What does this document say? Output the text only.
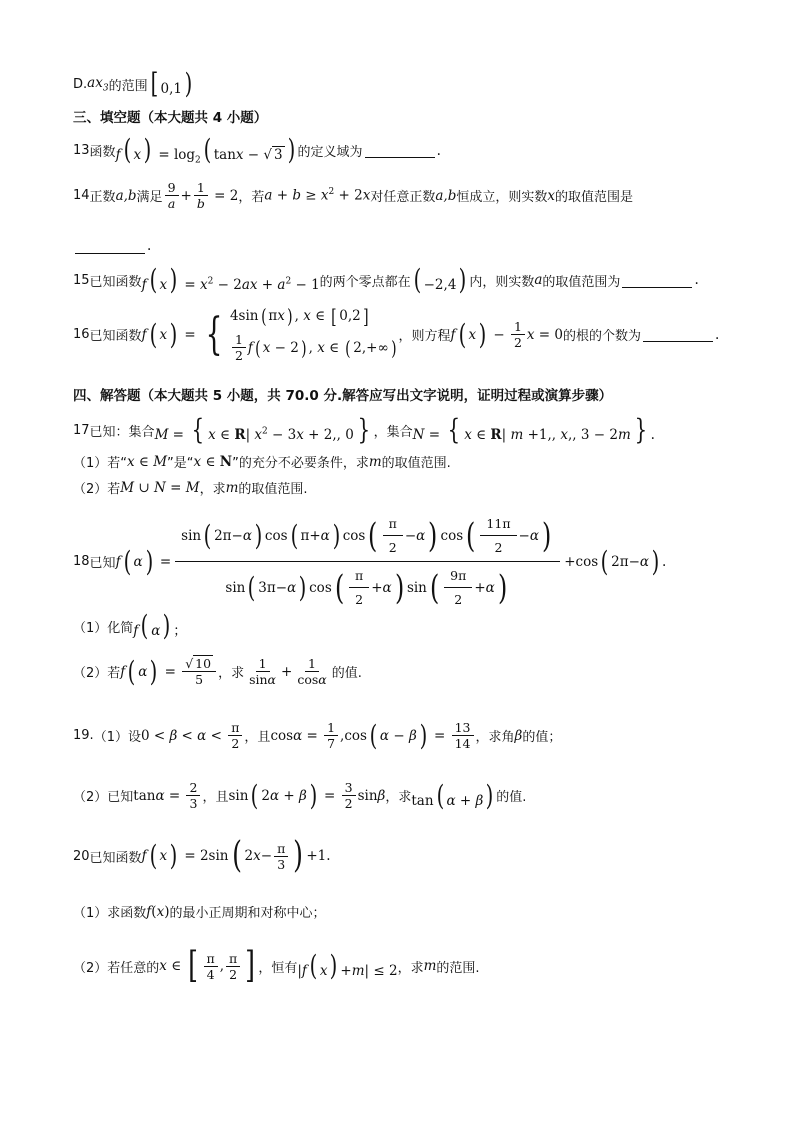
D. $ax_3$ 的范围 [ 0,1)
三、填空题（本大题共 4 小题）
13 函数 f( $x) = \log_2$( tanx − √ 3 ) 的定义域为	.
14 正数 a,b 满足 $\frac{9}{a} + \frac{1}{b} = 2$ ，若 $a + b \ge x^2 + 2x$ 对任意正数 a,b 恒成立，则实数 x 的取值范围是
.
15 已知函数 f( $x) = x^2 - 2ax + a^2 - 1$ 的两个零点都在 ( −2,4) 内，则实数 a 的取值范围为	.
16 已知函数 f ( x ) = { 4sin ( π x ) , x ∈ [ 0,2 ]
$\frac{1}{2}$ f ( x − 2 ) , x ∈ ( 2,+∞ ) ，则方程 f ( x ) − $\frac{1}{2}$ x = 0 的根的个数为	.
四、解答题（本大题共 5 小题，共 70.0 分.解答应写出文字说明，证明过程或演算步骤）
17 已知：集合 M = { x ∈ R| $x^2 - 3x + 2$,, 0 } ，集合 N = { x ∈ R| m +1,, x,, 3 − 2m } .
（1）若“ x ∈ M ”是“ x ∈ N ”的充分不必要条件，求 m 的取值范围.
（2）若 M ∪ N = M ，求 m 的取值范围.
18 已知 f ( α ) = $\frac{\sin ( 2\pi- \alpha ) \cos ( \pi+ \alpha ) \cos ( \frac{\pi}{2} - \alpha ) \cos ( \frac{11\pi}{2} - \alpha )}{\sin ( 3\pi- \alpha ) \cos ( \frac{\pi}{2} + \alpha ) \sin ( \frac{9\pi}{2} + \alpha )} +\cos$ ( 2π− α ) .
（1）化简 f( α) ；
（2）若 f ( α ) = $\frac{√ 10}{5}$ ，求 $\frac{1}{\sin\alpha} + \frac{1}{\cos\alpha}$ 的值.
19. （1）设 $0 < \beta < \alpha < \frac{\pi}{2}$ ，且 $\cos \alpha = \frac{1}{7} ,\cos$ ( α − β ) = $\frac{13}{14}$ ，求角 β 的值；
（2）已知 $\tan \alpha = \frac{2}{3}$ ，且 sin ( 2 α + β ) = $\frac{3}{2}$ sin β ，求 tan( α + β) 的值.
20 已知函数 f ( x ) = 2sin ( 2 $x - \frac{\pi}{3}$ ) +1.
（1）求函数 f(x) 的最小正周期和对称中心；
（2）若任意的 x ∈ [ $\frac{\pi}{4}$ , $\frac{\pi}{2}$ ] ，恒有 |f( x) +m| ≤ 2 ，求 m 的范围.
